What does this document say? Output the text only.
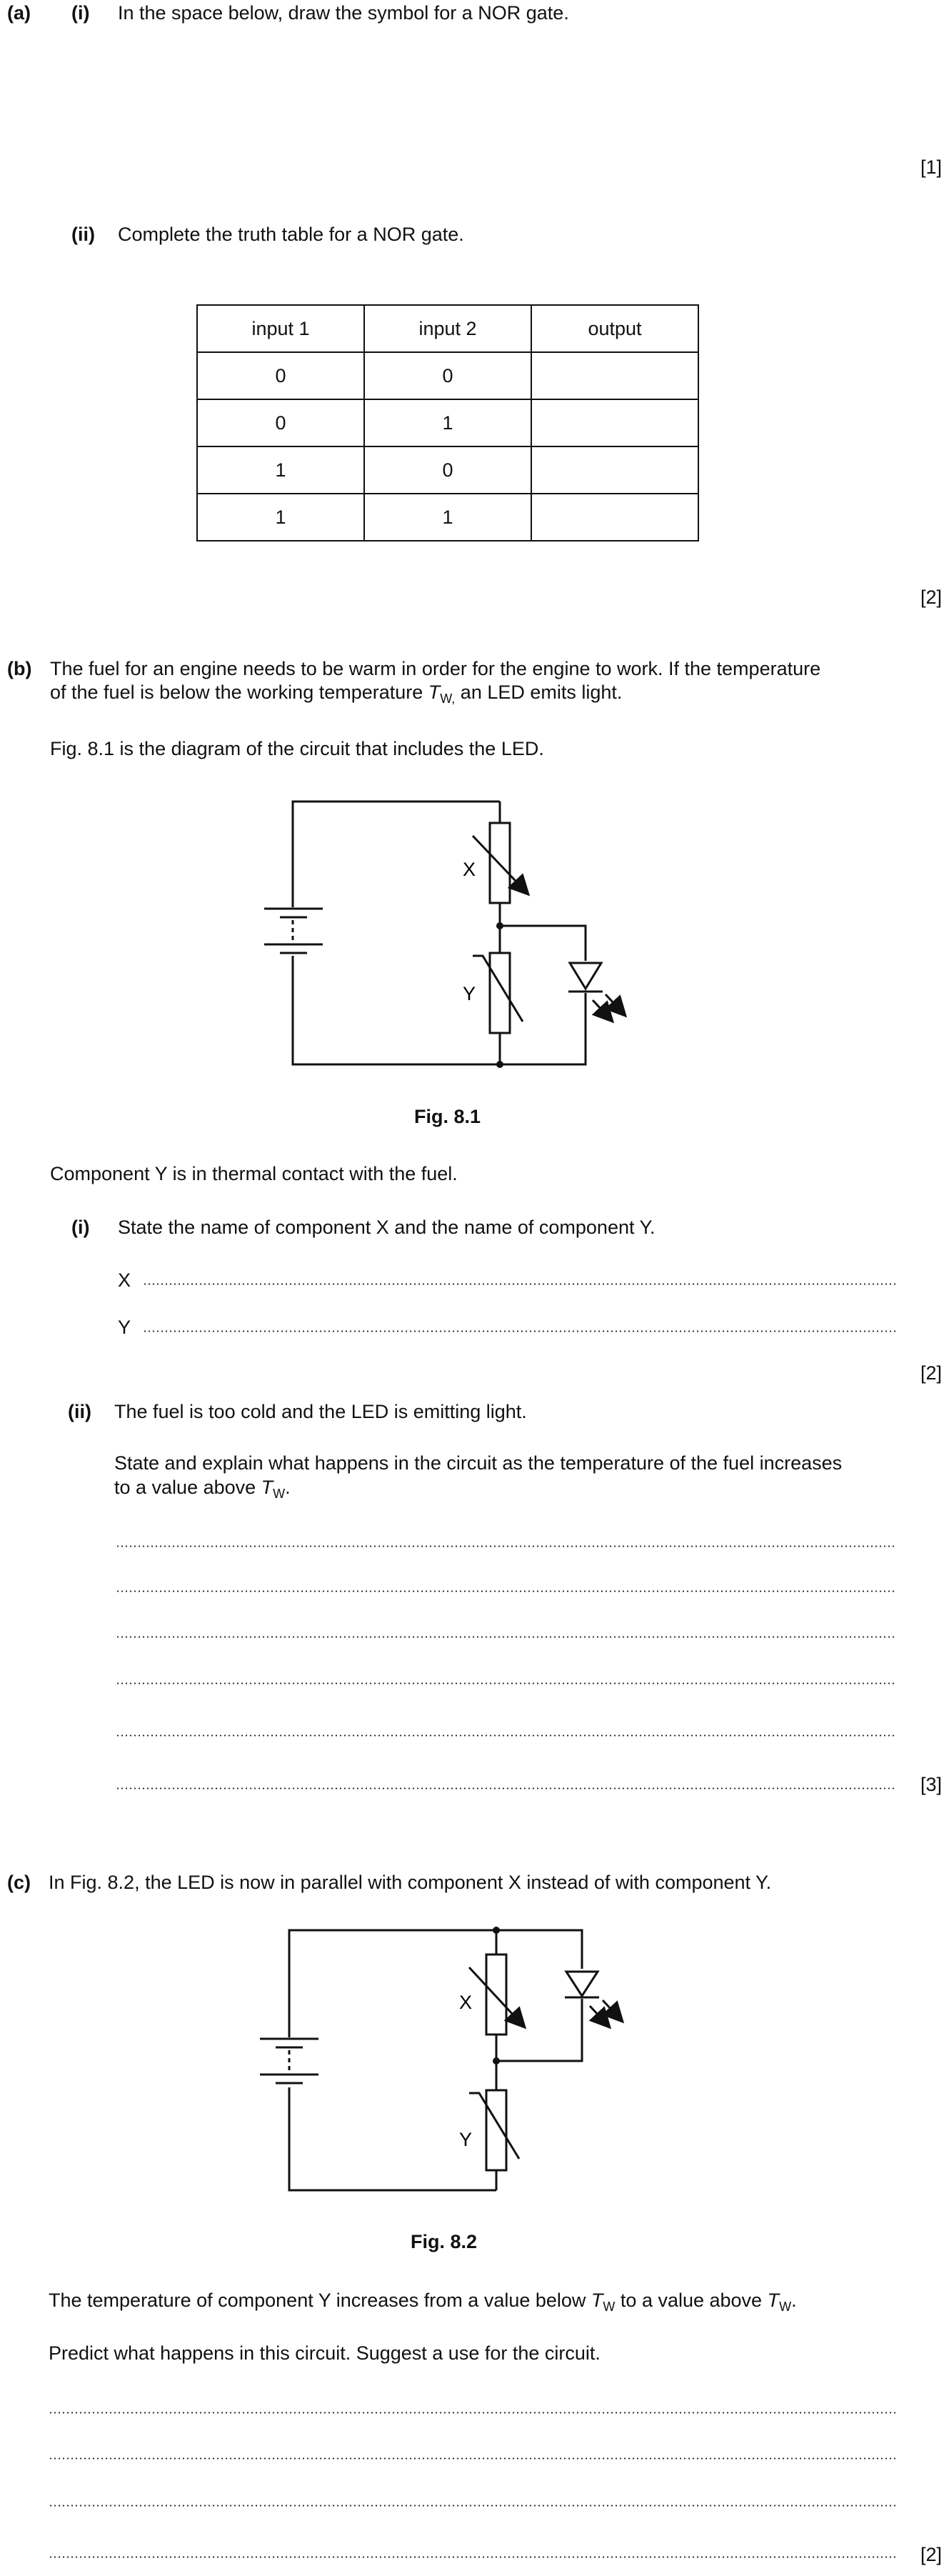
(a) (i) In the space below, draw the symbol for a NOR gate.
[1]
(ii) Complete the truth table for a NOR gate.
input 1	input 2	output
0	0	
0	1	
1	0	
1	1	
[2]
(b) The fuel for an engine needs to be warm in order for the engine to work. If the temperature
of the fuel is below the working temperature $T_{W,}$ an LED emits light.
Fig. 8.1 is the diagram of the circuit that includes the LED.
X
Y
Fig. 8.1
Component Y is in thermal contact with the fuel.
(i) State the name of component X and the name of component Y.
X
Y
[2]
(ii) The fuel is too cold and the LED is emitting light.
State and explain what happens in the circuit as the temperature of the fuel increases
to a value above $T_W$.
[3]
(c) In Fig. 8.2, the LED is now in parallel with component X instead of with component Y.
X
Y
Fig. 8.2
The temperature of component Y increases from a value below $T_W$ to a value above $T_W$.
Predict what happens in this circuit. Suggest a use for the circuit.
[2]
